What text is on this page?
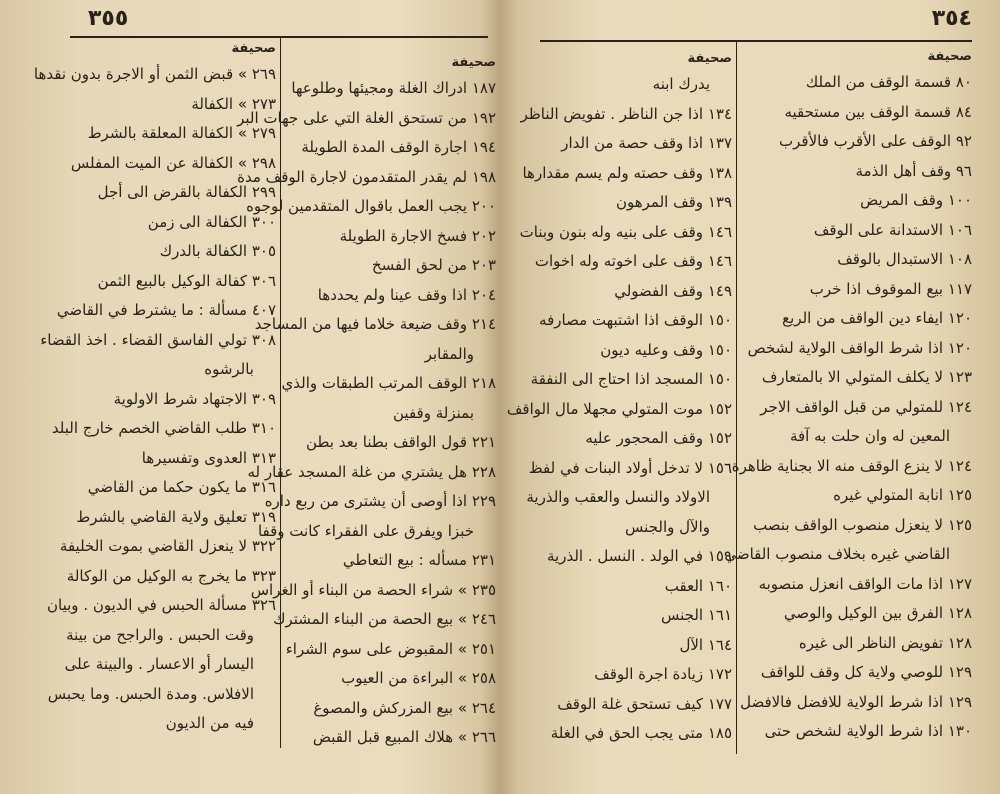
٣٥٥
صحيفة
١٨٧ ادراك الغلة ومجيئها وطلوعها
١٩٢ من تستحق الغلة التي على جهات البر
١٩٤ اجارة الوقف المدة الطويلة
١٩٨ لم يقدر المتقدمون لاجارة الوقف مدة
٢٠٠ يجب العمل باقوال المتقدمين لوجوه
٢٠٢ فسخ الاجارة الطويلة
٢٠٣ من لحق الفسخ
٢٠٤ اذا وقف عينا ولم يحددها
٢١٤ وقف ضيعة خلاما فيها من المساجد
والمقابر
٢١٨ الوقف المرتب الطبقات والذي
بمنزلة وقفين
٢٢١ قول الواقف بطنا بعد بطن
٢٢٨ هل يشتري من غلة المسجد عقار له
٢٢٩ اذا أوصى أن يشترى من ربع داره
خبزا ويفرق على الفقراء كانت وقفا
٢٣١ مسأله : بيع التعاطي
٢٣٥ » شراء الحصة من البناء أو الغراس
٢٤٦ » بيع الحصة من البناء المشترك
٢٥١ » المقبوض على سوم الشراء
٢٥٨ » البراءة من العيوب
٢٦٤ » بيع المزركش والمصوغ
٢٦٦ » هلاك المبيع قبل القبض
صحيفة
٢٦٩ » قبض الثمن أو الاجرة بدون نقدها
٢٧٣ » الكفالة
٢٧٩ » الكفالة المعلقة بالشرط
٢٩٨ » الكفالة عن الميت المفلس
٢٩٩ الكفالة بالقرض الى أجل
٣٠٠ الكفالة الى زمن
٣٠٥ الكفالة بالدرك
٣٠٦ كفالة الوكيل بالبيع الثمن
٤٠٧ مسألة : ما يشترط في القاضي
٣٠٨ تولي الفاسق القضاء . اخذ القضاء
بالرشوه
٣٠٩ الاجتهاد شرط الاولوية
٣١٠ طلب القاضي الخصم خارج البلد
٣١٣ العدوى وتفسيرها
٣١٦ ما يكون حكما من القاضي
٣١٩ تعليق ولاية القاضي بالشرط
٣٢٢ لا ينعزل القاضي بموت الخليفة
٣٢٣ ما يخرج به الوكيل من الوكالة
٣٢٦ مسألة الحبس في الديون . وبيان
وقت الحبس . والراجح من بينة
اليسار أو الاعسار . والبينة على
الافلاس. ومدة الحبس. وما يحبس
فيه من الديون
٣٥٤
صحيفة
٨٠ قسمة الوقف من الملك
٨٤ قسمة الوقف بين مستحقيه
٩٢ الوقف على الأقرب فالأقرب
٩٦ وقف أهل الذمة
١٠٠ وقف المريض
١٠٦ الاستدانة على الوقف
١٠٨ الاستبدال بالوقف
١١٧ بيع الموقوف اذا خرب
١٢٠ ايفاء دين الواقف من الريع
١٢٠ اذا شرط الواقف الولاية لشخص
١٢٣ لا يكلف المتولي الا بالمتعارف
١٢٤ للمتولي من قبل الواقف الاجر
المعين له وان حلت به آفة
١٢٤ لا ينزع الوقف منه الا بجناية ظاهرة
١٢٥ انابة المتولي غيره
١٢٥ لا ينعزل منصوب الواقف بنصب
القاضي غيره بخلاف منصوب القاضي
١٢٧ اذا مات الواقف انعزل منصوبه
١٢٨ الفرق بين الوكيل والوصي
١٢٨ تفويض الناظر الى غيره
١٢٩ للوصي ولاية كل وقف للواقف
١٢٩ اذا شرط الولاية للافضل فالافضل
١٣٠ اذا شرط الولاية لشخص حتى
صحيفة
يدرك ابنه
١٣٤ اذا جن الناظر . تفويض الناظر
١٣٧ اذا وقف حصة من الدار
١٣٨ وقف حصته ولم يسم مقدارها
١٣٩ وقف المرهون
١٤٦ وقف على بنيه وله بنون وبنات
١٤٦ وقف على اخوته وله اخوات
١٤٩ وقف الفضولي
١٥٠ الوقف اذا اشتبهت مصارفه
١٥٠ وقف وعليه ديون
١٥٠ المسجد اذا احتاج الى النفقة
١٥٢ موت المتولي مجهلا مال الواقف
١٥٢ وقف المحجور عليه
١٥٦ لا تدخل أولاد البنات في لفظ
الاولاد والنسل والعقب والذرية
والآل والجنس
١٥٩ في الولد . النسل . الذرية
١٦٠ العقب
١٦١ الجنس
١٦٤ الآل
١٧٢ زيادة اجرة الوقف
١٧٧ كيف تستحق غلة الوقف
١٨٥ متى يجب الحق في الغلة
